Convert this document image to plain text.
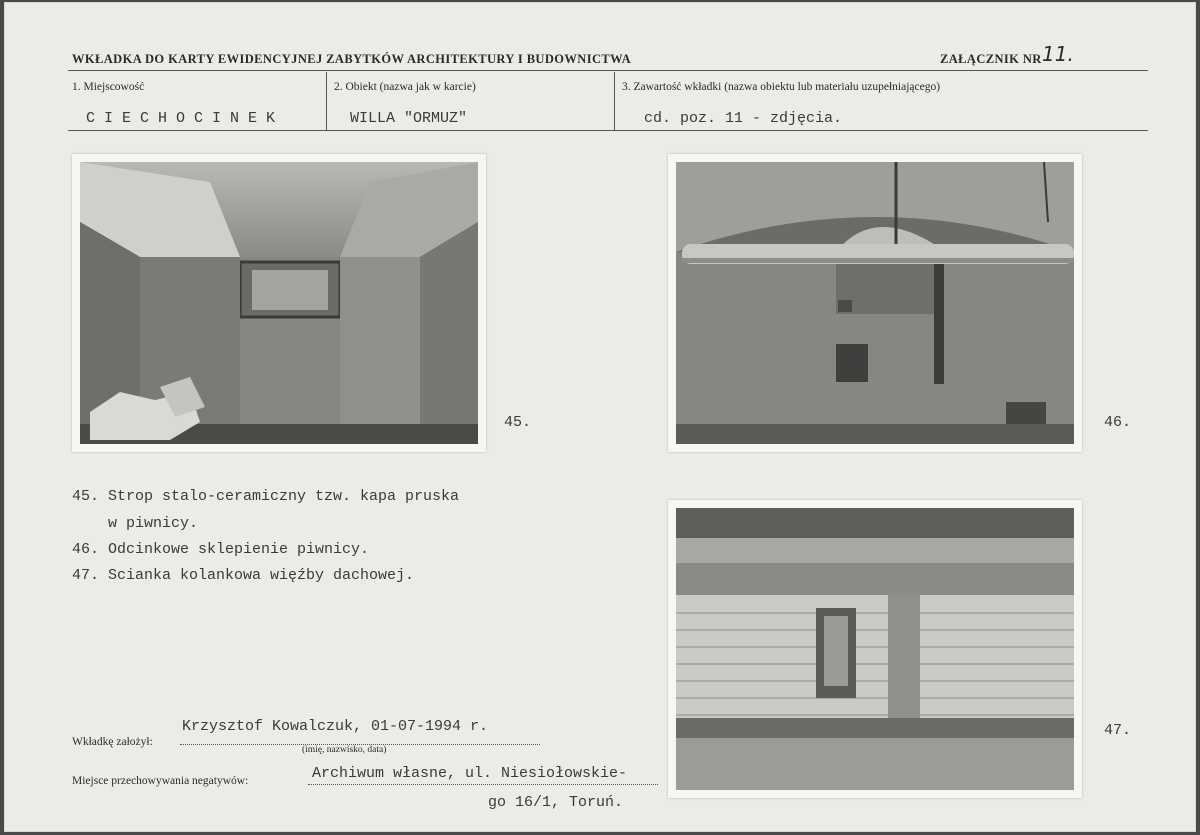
WKŁADKA DO KARTY EWIDENCYJNEJ ZABYTKÓW ARCHITEKTURY I BUDOWNICTWA	ZAŁĄCZNIK NR 11.
1. Miejscowość	2. Obiekt (nazwa jak w karcie)	3. Zawartość wkładki (nazwa obiektu lub materiału uzupełniającego)
C I E C H O C I N E K	WILLA "ORMUZ"	cd. poz. 11 - zdjęcia.
45.	46.
47.
45. Strop stalo-ceramiczny tzw. kapa pruska
w piwnicy.
46. Odcinkowe sklepienie piwnicy.
47. Scianka kolankowa więźby dachowej.
Wkładkę założył:
Krzysztof Kowalczuk, 01-07-1994 r.
(imię, nazwisko, data)
Miejsce przechowywania negatywów:	Archiwum własne, ul. Niesiołowskie-
go 16/1, Toruń.
